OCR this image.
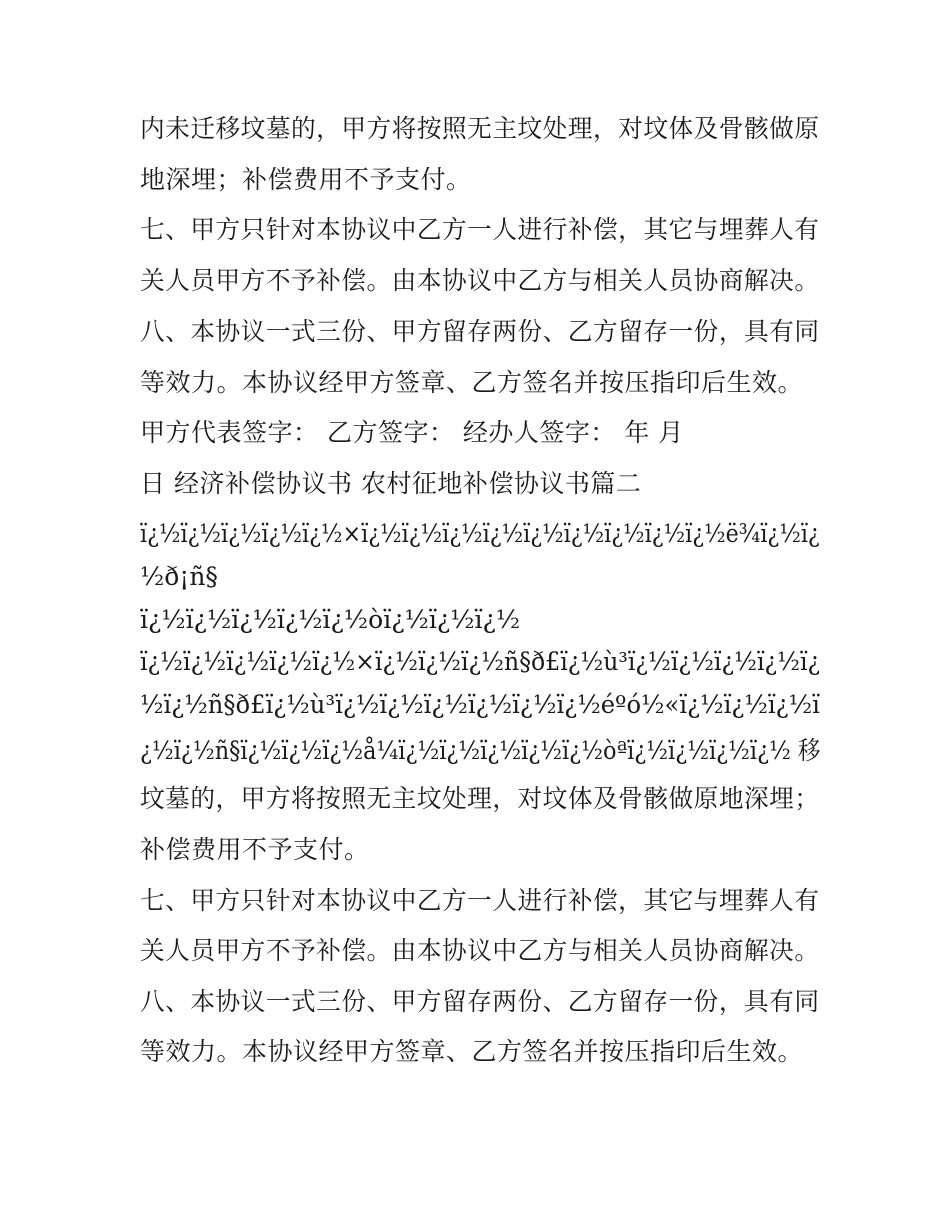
内未迁移坟墓的，甲方将按照无主坟处理，对坟体及骨骸做原
地深埋；补偿费用不予支付。
七、甲方只针对本协议中乙方一人进行补偿，其它与埋葬人有
关人员甲方不予补偿。由本协议中乙方与相关人员协商解决。
八、本协议一式三份、甲方留存两份、乙方留存一份，具有同
等效力。本协议经甲方签章、乙方签名并按压指印后生效。
甲方代表签字： 乙方签字： 经办人签字： 年 月
日 经济补偿协议书 农村征地补偿协议书篇二
ï¿½ï¿½ï¿½ï¿½ï¿½×ï¿½ï¿½ï¿½ï¿½ï¿½ï¿½ï¿½ï¿½ï¿½ë¾ï¿½ï¿
½ð¡ñ§
ï¿½ï¿½ï¿½ï¿½ï¿½òï¿½ï¿½ï¿½
ï¿½ï¿½ï¿½ï¿½ï¿½×ï¿½ï¿½ï¿½ñ§ð£ï¿½ù³ï¿½ï¿½ï¿½ï¿½ï¿
½ï¿½ñ§ð£ï¿½ù³ï¿½ï¿½ï¿½ï¿½ï¿½ï¿½éºó½«ï¿½ï¿½ï¿½ï
¿½ï¿½ñ§ï¿½ï¿½ï¿½å¼ï¿½ï¿½ï¿½ï¿½ï¿½òªï¿½ï¿½ï¿½ï¿½ 移
坟墓的，甲方将按照无主坟处理，对坟体及骨骸做原地深埋；
补偿费用不予支付。
七、甲方只针对本协议中乙方一人进行补偿，其它与埋葬人有
关人员甲方不予补偿。由本协议中乙方与相关人员协商解决。
八、本协议一式三份、甲方留存两份、乙方留存一份，具有同
等效力。本协议经甲方签章、乙方签名并按压指印后生效。
